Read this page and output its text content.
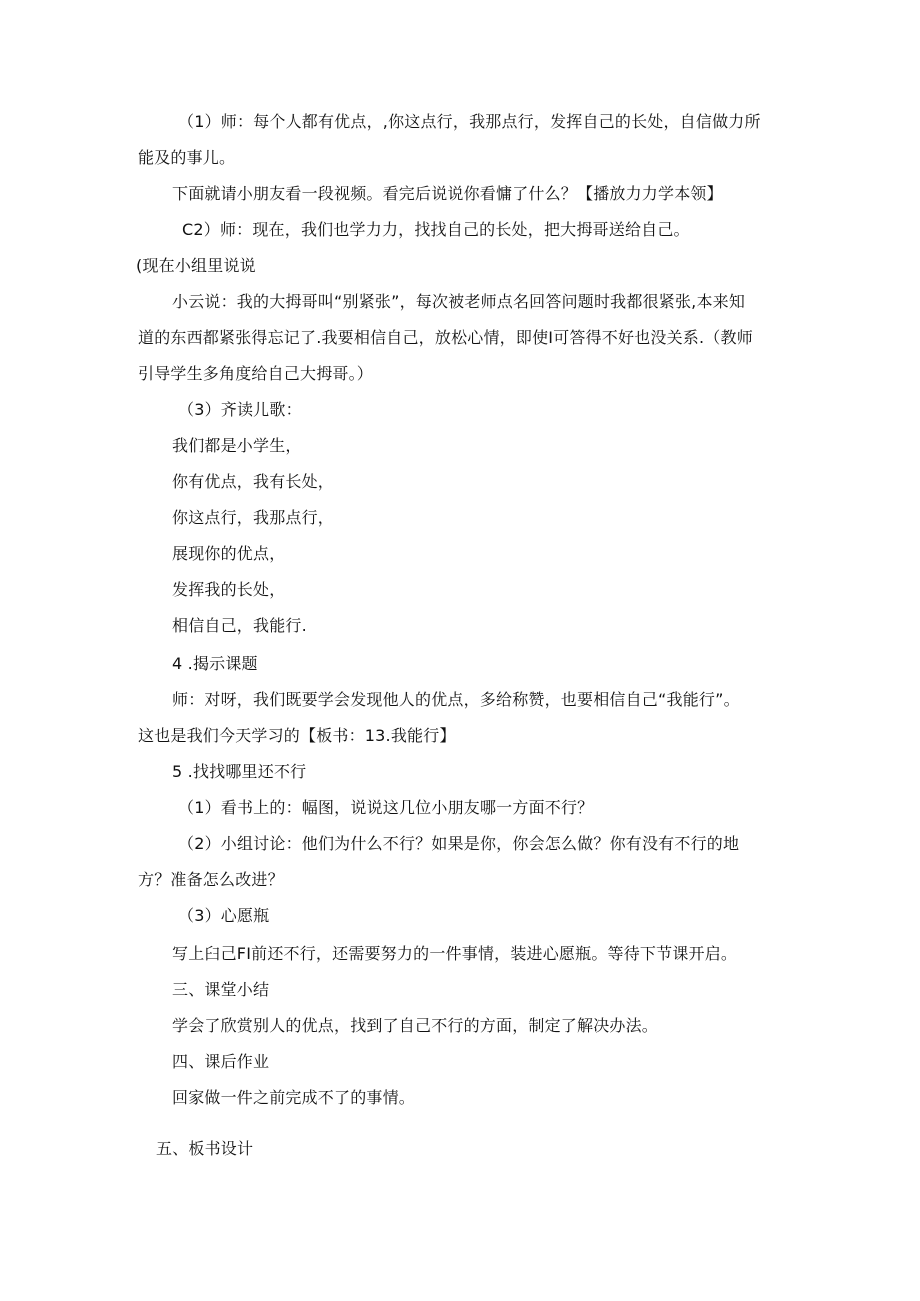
（1）师：每个人都有优点，,你这点行，我那点行，发挥自己的长处，自信做力所
能及的事儿。
下面就请小朋友看一段视频。看完后说说你看慵了什么？【播放力力学本领】
C2）师：现在，我们也学力力，找找自己的长处，把大拇哥送给自己。
(现在小组里说说
小云说：我的大拇哥叫“别紧张”，每次被老师点名回答问题时我都很紧张,本来知
道的东西都紧张得忘记了.我要相信自己，放松心情，即使I可答得不好也没关系.（教师
引导学生多角度给自己大拇哥。）
（3）齐读儿歌：
我们都是小学生，
你有优点，我有长处，
你这点行，我那点行，
展现你的优点，
发挥我的长处，
相信自己，我能行.
4 .揭示课题
师：对呀，我们既要学会发现他人的优点，多给称赞，也要相信自己“我能行”。
这也是我们今天学习的【板书：13.我能行】
5 .找找哪里还不行
（1）看书上的：幅图，说说这几位小朋友哪一方面不行？
（2）小组讨论：他们为什么不行？如果是你，你会怎么做？你有没有不行的地
方？准备怎么改进？
（3）心愿瓶
写上臼己FI前还不行，还需要努力的一件事情，装进心愿瓶。等待下节课开启。
三、课堂小结
学会了欣赏别人的优点，找到了自己不行的方面，制定了解决办法。
四、课后作业
回家做一件之前完成不了的事情。
五、板书设计
